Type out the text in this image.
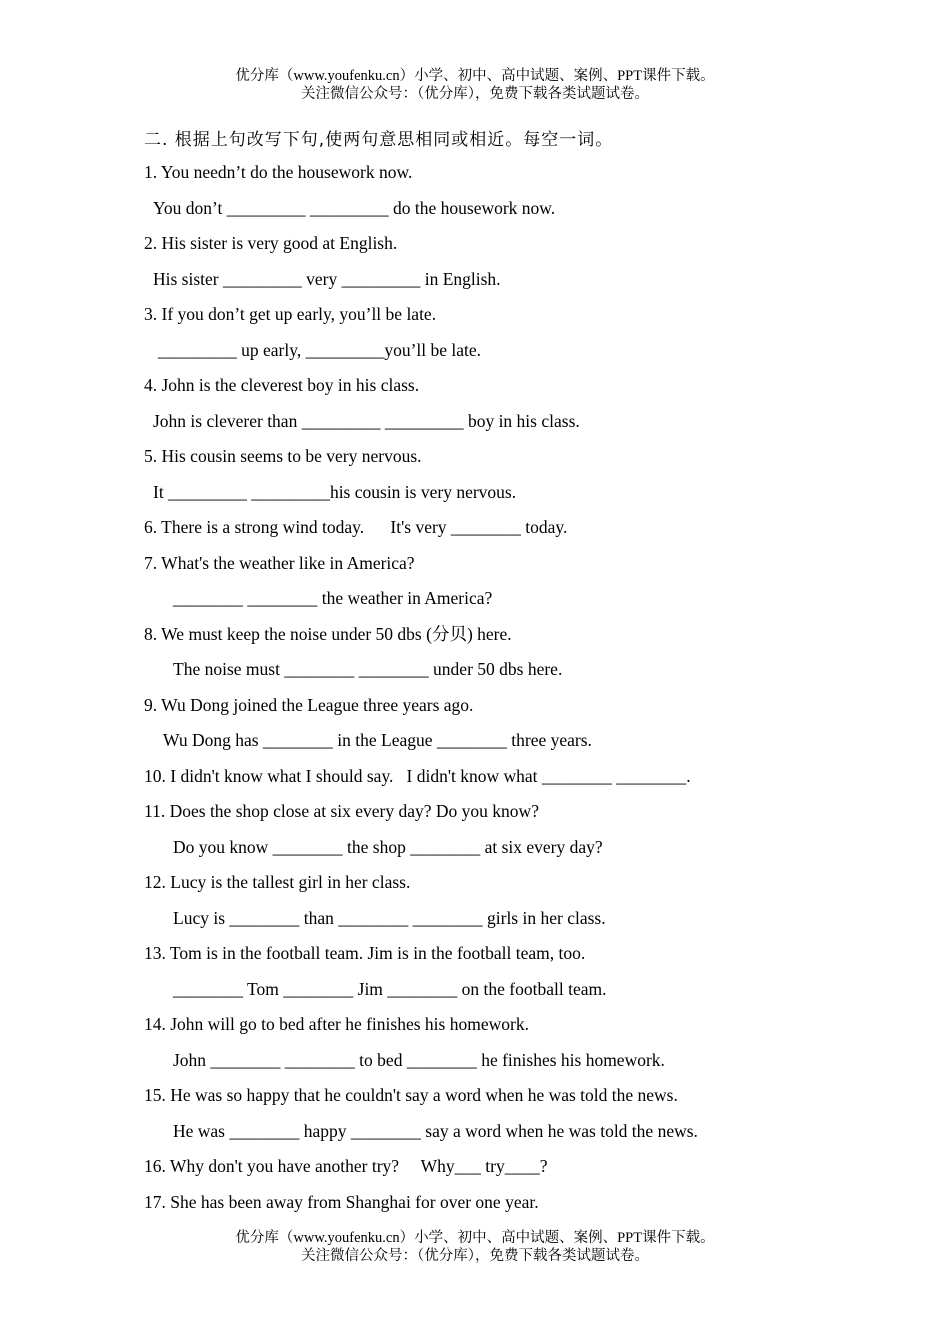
优分库（www.youfenku.cn）小学、初中、高中试题、案例、PPT课件下载。
关注微信公众号：（优分库），免费下载各类试题试卷。
二. 根据上句改写下句,使两句意思相同或相近。每空一词。
1. You needn’t do the housework now.
You don’t _________ _________ do the housework now.
2. His sister is very good at English.
His sister _________ very _________ in English.
3. If you don’t get up early, you’ll be late.
_________ up early, _________you’ll be late.
4. John is the cleverest boy in his class.
John is cleverer than _________ _________ boy in his class.
5. His cousin seems to be very nervous.
It _________ _________his cousin is very nervous.
6. There is a strong wind today.      It's very ________ today.
7. What's the weather like in America?
________ ________ the weather in America?
8. We must keep the noise under 50 dbs (分贝) here.
The noise must ________ ________ under 50 dbs here.
9. Wu Dong joined the League three years ago.
Wu Dong has ________ in the League ________ three years.
10. I didn't know what I should say.   I didn't know what ________ ________.
11. Does the shop close at six every day? Do you know?
Do you know ________ the shop ________ at six every day?
12. Lucy is the tallest girl in her class.
Lucy is ________ than ________ ________ girls in her class.
13. Tom is in the football team. Jim is in the football team, too.
________ Tom ________ Jim ________ on the football team.
14. John will go to bed after he finishes his homework.
John ________ ________ to bed ________ he finishes his homework.
15. He was so happy that he couldn't say a word when he was told the news.
He was ________ happy ________ say a word when he was told the news.
16. Why don't you have another try?     Why___ try____?
17. She has been away from Shanghai for over one year.
优分库（www.youfenku.cn）小学、初中、高中试题、案例、PPT课件下载。
关注微信公众号：（优分库），免费下载各类试题试卷。
